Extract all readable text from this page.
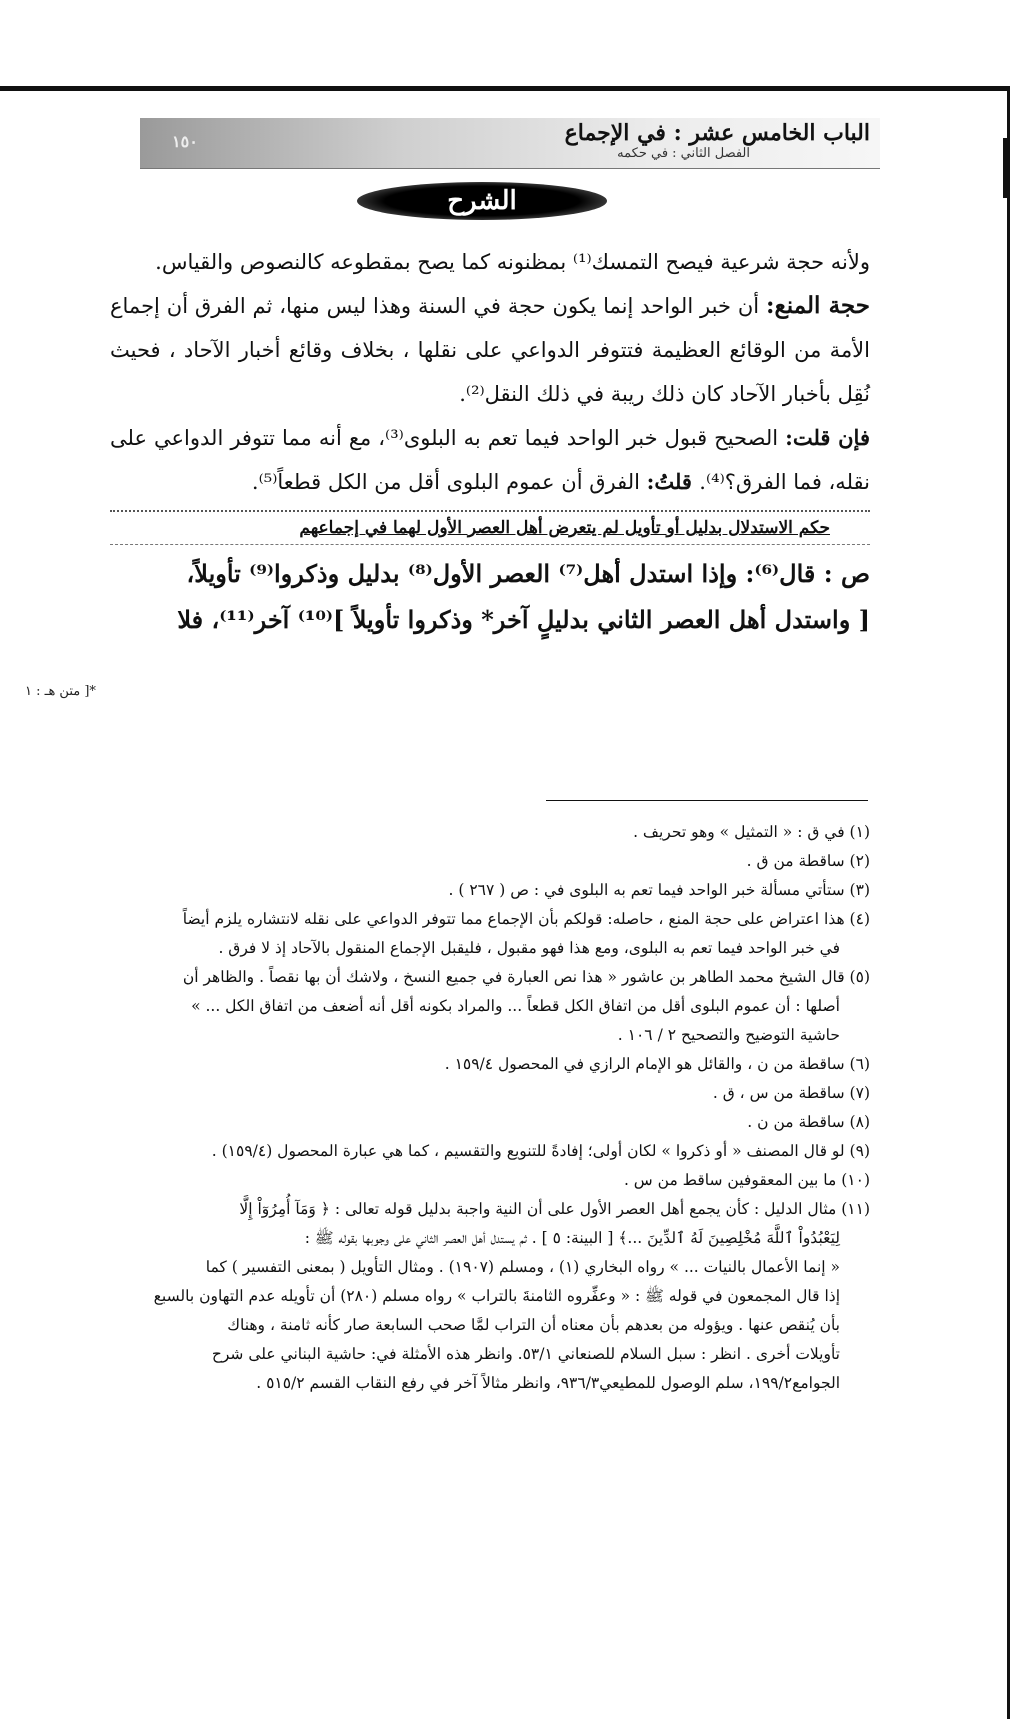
الباب الخامس عشر : في الإجماع
الفصل الثاني : في حكمه
١٥٠
الشرح

ولأنه حجة شرعية فيصح التمسك⁽¹⁾ بمظنونه كما يصح بمقطوعه كالنصوص والقياس.

حجة المنع: أن خبر الواحد إنما يكون حجة في السنة وهذا ليس منها، ثم الفرق أن إجماع الأمة من الوقائع العظيمة فتتوفر الدواعي على نقلها ، بخلاف وقائع أخبار الآحاد ، فحيث نُقِل بأخبار الآحاد كان ذلك ريبة في ذلك النقل⁽²⁾.

فإن قلت: الصحيح قبول خبر الواحد فيما تعم به البلوى⁽³⁾، مع أنه مما تتوفر الدواعي على نقله، فما الفرق؟⁽⁴⁾. قلتُ: الفرق أن عموم البلوى أقل من الكل قطعاً⁽⁵⁾.

حكم الاستدلال بدليل أو تأويل لم يتعرض أهل العصر الأول لهما في إجماعهم

ص : قال⁽⁶⁾: وإذا استدل أهل⁽⁷⁾ العصر الأول⁽⁸⁾ بدليل وذكروا⁽⁹⁾ تأويلاً،

[ واستدل أهل العصر الثاني بدليلٍ آخر* وذكروا تأويلاً ]⁽¹⁰⁾ آخر⁽¹¹⁾، فلا

*[ متن هـ : ١

(١) في ق : « التمثيل » وهو تحريف .

(٢) ساقطة من ق .

(٣) ستأتي مسألة خبر الواحد فيما تعم به البلوى في : ص ( ٢٦٧ ) .

(٤) هذا اعتراض على حجة المنع ، حاصله: قولكم بأن الإجماع مما تتوفر الدواعي على نقله لانتشاره يلزم أيضاً

في خبر الواحد فيما تعم به البلوى، ومع هذا فهو مقبول ، فليقبل الإجماع المنقول بالآحاد إذ لا فرق .

(٥) قال الشيخ محمد الطاهر بن عاشور « هذا نص العبارة في جميع النسخ ، ولاشك أن بها نقصاً . والظاهر أن

أصلها : أن عموم البلوى أقل من اتفاق الكل قطعاً ... والمراد بكونه أقل أنه أضعف من اتفاق الكل ... »

حاشية التوضيح والتصحيح ٢ / ١٠٦ .

(٦) ساقطة من ن ، والقائل هو الإمام الرازي في المحصول ١٥٩/٤ .

(٧) ساقطة من س ، ق .

(٨) ساقطة من ن .

(٩) لو قال المصنف « أو ذكروا » لكان أولى؛ إفادةً للتنويع والتقسيم ، كما هي عبارة المحصول (١٥٩/٤) .

(١٠) ما بين المعقوفين ساقط من س .

(١١) مثال الدليل : كأن يجمع أهل العصر الأول على أن النية واجبة بدليل قوله تعالى : ﴿ وَمَآ أُمِرُوٓاْ إِلَّا

لِيَعْبُدُواْ ٱللَّهَ مُخْلِصِينَ لَهُ ٱلدِّينَ ...﴾ [ البينة: ٥ ] . ثم يستدل أهل العصر الثاني على وجوبها بقوله ﷺ :

« إنما الأعمال بالنيات ... » رواه البخاري (١) ، ومسلم (١٩٠٧) . ومثال التأويل ( بمعنى التفسير ) كما

إذا قال المجمعون في قوله ﷺ : « وعفِّروه الثامنةَ بالتراب » رواه مسلم (٢٨٠) أن تأويله عدم التهاون بالسبع

بأن يُنقص عنها . ويؤوله من بعدهم بأن معناه أن التراب لمَّا صحب السابعة صار كأنه ثامنة ، وهناك

تأويلات أخرى . انظر : سبل السلام للصنعاني ٥٣/١. وانظر هذه الأمثلة في: حاشية البناني على شرح

الجوامع١٩٩/٢، سلم الوصول للمطيعي٩٣٦/٣، وانظر مثالاً آخر في رفع النقاب القسم ٥١٥/٢ .
